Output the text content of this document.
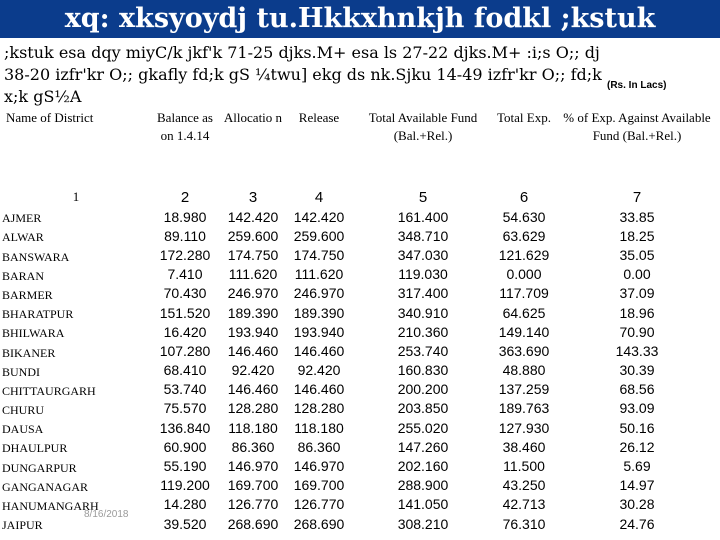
xq: xksyoydj tu.Hkkxhnkjh fodkl ;kstuk
;kstuk esa dqy miyC/k jkf'k 71-25 djks.M+ esa ls 27-22 djks.M+ :i;s O;; dj
38-20 izfr'kr O;; gkafly fd;k gS ¼twu] ekg ds nk.Sjku 14-49 izfr'kr O;; fd;k
x;k gS½A
(Rs. In Lacs)
Name of District	Balance as on 1.4.14	Allocatio n	Release	Total Available Fund (Bal.+Rel.)	Total Exp.	% of Exp. Against Available Fund (Bal.+Rel.)
1	2	3	4	5	6	7
AJMER	18.980	142.420	142.420	161.400	54.630	33.85
ALWAR	89.110	259.600	259.600	348.710	63.629	18.25
BANSWARA	172.280	174.750	174.750	347.030	121.629	35.05
BARAN	7.410	111.620	111.620	119.030	0.000	0.00
BARMER	70.430	246.970	246.970	317.400	117.709	37.09
BHARATPUR	151.520	189.390	189.390	340.910	64.625	18.96
BHILWARA	16.420	193.940	193.940	210.360	149.140	70.90
BIKANER	107.280	146.460	146.460	253.740	363.690	143.33
BUNDI	68.410	92.420	92.420	160.830	48.880	30.39
CHITTAURGARH	53.740	146.460	146.460	200.200	137.259	68.56
CHURU	75.570	128.280	128.280	203.850	189.763	93.09
DAUSA	136.840	118.180	118.180	255.020	127.930	50.16
DHAULPUR	60.900	86.360	86.360	147.260	38.460	26.12
DUNGARPUR	55.190	146.970	146.970	202.160	11.500	5.69
GANGANAGAR	119.200	169.700	169.700	288.900	43.250	14.97
HANUMANGARH	14.280	126.770	126.770	141.050	42.713	30.28
JAIPUR	39.520	268.690	268.690	308.210	76.310	24.76
8/16/2018
